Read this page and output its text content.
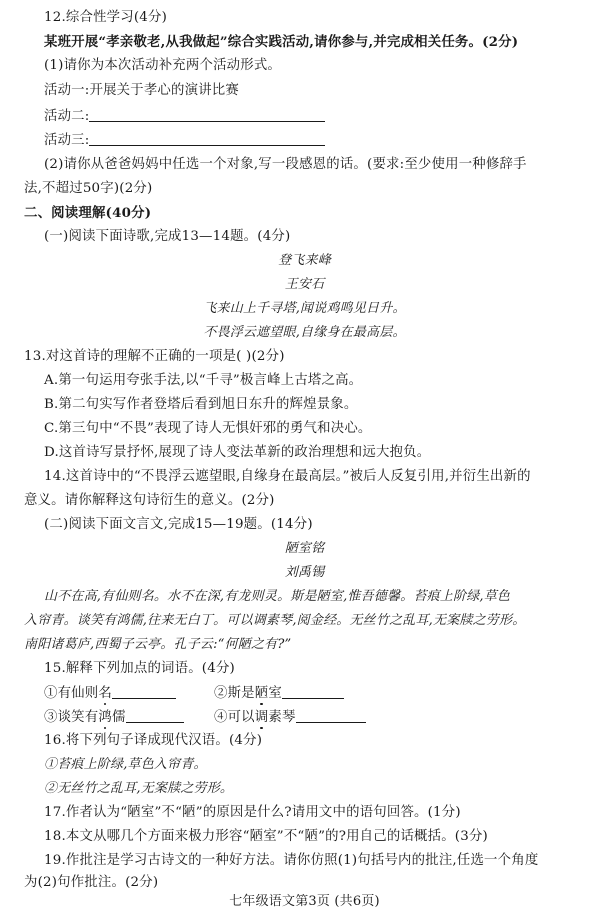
12.综合性学习(4分)
某班开展“孝亲敬老,从我做起”综合实践活动,请你参与,并完成相关任务。(2分)
(1)请你为本次活动补充两个活动形式。
活动一:开展关于孝心的演讲比赛
活动二:
活动三:
(2)请你从爸爸妈妈中任选一个对象,写一段感恩的话。(要求:至少使用一种修辞手
法,不超过50字)(2分)
二、阅读理解(40分)
(一)阅读下面诗歌,完成13—14题。(4分)
登飞来峰
王安石
飞来山上千寻塔,闻说鸡鸣见日升。
不畏浮云遮望眼,自缘身在最高层。
13.对这首诗的理解不正确的一项是( )(2分)
A.第一句运用夸张手法,以“千寻”极言峰上古塔之高。
B.第二句实写作者登塔后看到旭日东升的辉煌景象。
C.第三句中“不畏”表现了诗人无惧奸邪的勇气和决心。
D.这首诗写景抒怀,展现了诗人变法革新的政治理想和远大抱负。
14.这首诗中的“不畏浮云遮望眼,自缘身在最高层。”被后人反复引用,并衍生出新的
意义。请你解释这句诗衍生的意义。(2分)
(二)阅读下面文言文,完成15—19题。(14分)
陋室铭
刘禹锡
山不在高,有仙则名。水不在深,有龙则灵。斯是陋室,惟吾德馨。苔痕上阶绿,草色
入帘青。谈笑有鸿儒,往来无白丁。可以调素琴,阅金经。无丝竹之乱耳,无案牍之劳形。
南阳诸葛庐,西蜀子云亭。孔子云:“何陋之有?”
15.解释下列加点的词语。(4分)
①有仙则名	②斯是陋室
③谈笑有鸿儒	④可以调素琴
16.将下列句子译成现代汉语。(4分)
①苔痕上阶绿,草色入帘青。
②无丝竹之乱耳,无案牍之劳形。
17.作者认为“陋室”不“陋”的原因是什么?请用文中的语句回答。(1分)
18.本文从哪几个方面来极力形容“陋室”不“陋”的?用自己的话概括。(3分)
19.作批注是学习古诗文的一种好方法。请你仿照(1)句括号内的批注,任选一个角度
为(2)句作批注。(2分)
七年级语文第3页 (共6页)
